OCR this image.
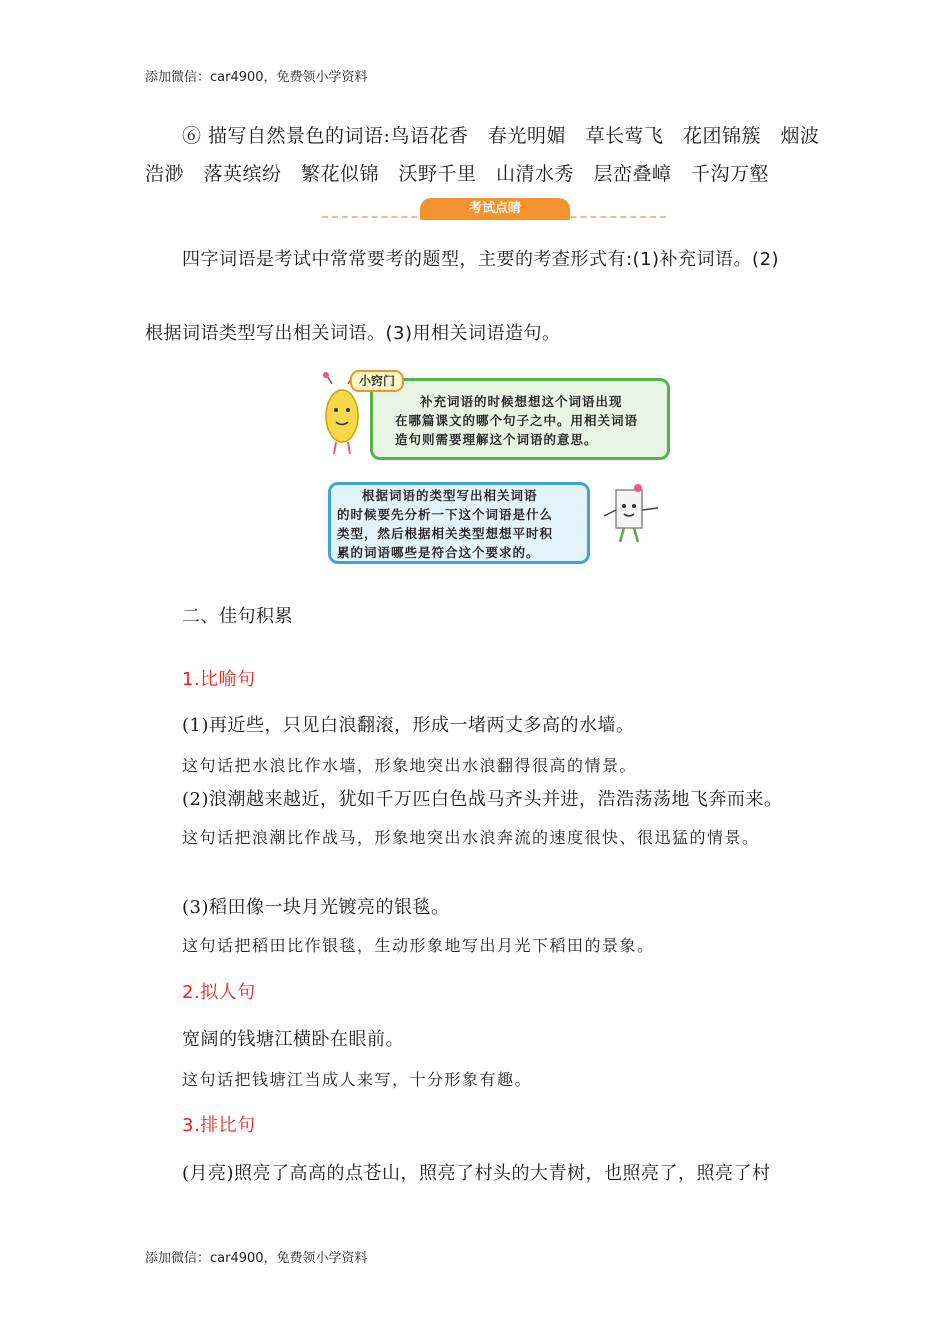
添加微信：car4900，免费领小学资料
⑥ 描写自然景色的词语:鸟语花香　春光明媚　草长莺飞　花团锦簇　烟波
浩渺　落英缤纷　繁花似锦　沃野千里　山清水秀　层峦叠嶂　千沟万壑
考试点睛
四字词语是考试中常常要考的题型，主要的考查形式有:(1)补充词语。(2)
根据词语类型写出相关词语。(3)用相关词语造句。
小窍门
补充词语的时候想想这个词语出现
在哪篇课文的哪个句子之中。用相关词语
造句则需要理解这个词语的意思。
根据词语的类型写出相关词语
的时候要先分析一下这个词语是什么
类型，然后根据相关类型想想平时积
累的词语哪些是符合这个要求的。
二、佳句积累
1.比喻句
(1)再近些，只见白浪翻滚，形成一堵两丈多高的水墙。
这句话把水浪比作水墙，形象地突出水浪翻得很高的情景。
(2)浪潮越来越近，犹如千万匹白色战马齐头并进，浩浩荡荡地飞奔而来。
这句话把浪潮比作战马，形象地突出水浪奔流的速度很快、很迅猛的情景。
(3)稻田像一块月光镀亮的银毯。
这句话把稻田比作银毯，生动形象地写出月光下稻田的景象。
2.拟人句
宽阔的钱塘江横卧在眼前。
这句话把钱塘江当成人来写，十分形象有趣。
3.排比句
(月亮)照亮了高高的点苍山，照亮了村头的大青树，也照亮了，照亮了村
添加微信：car4900，免费领小学资料
